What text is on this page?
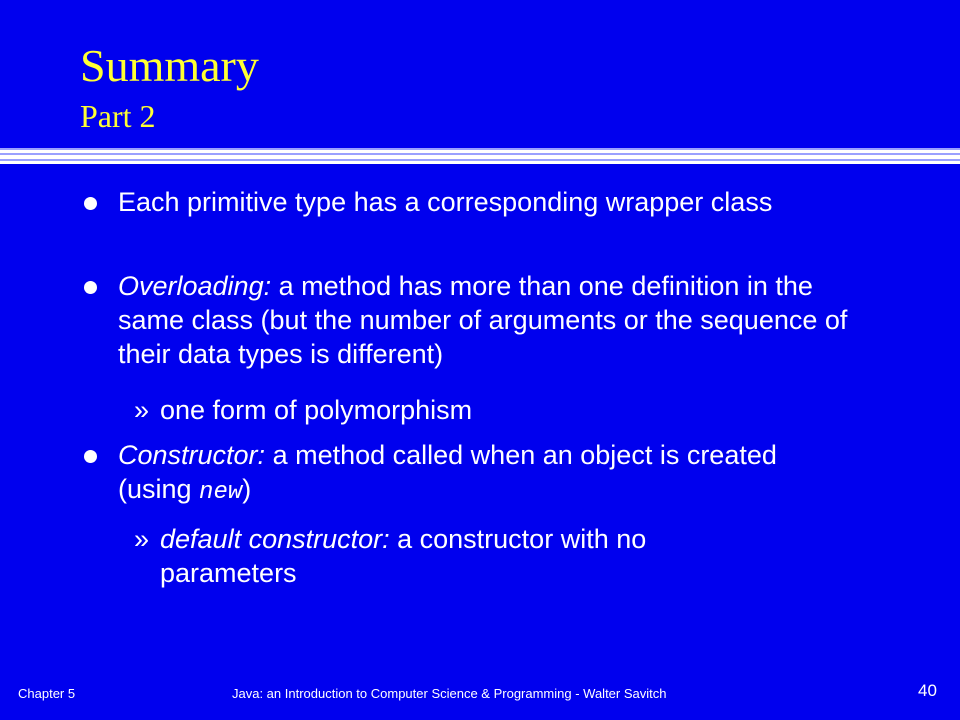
Summary
Part 2
Each primitive type has a corresponding wrapper class
Overloading: a method has more than one definition in the same class (but the number of arguments or the sequence of their data types is different)
» one form of polymorphism
Constructor: a method called when an object is created (using new)
» default constructor: a constructor with no parameters
Chapter 5	Java: an Introduction to Computer Science & Programming - Walter Savitch	40
